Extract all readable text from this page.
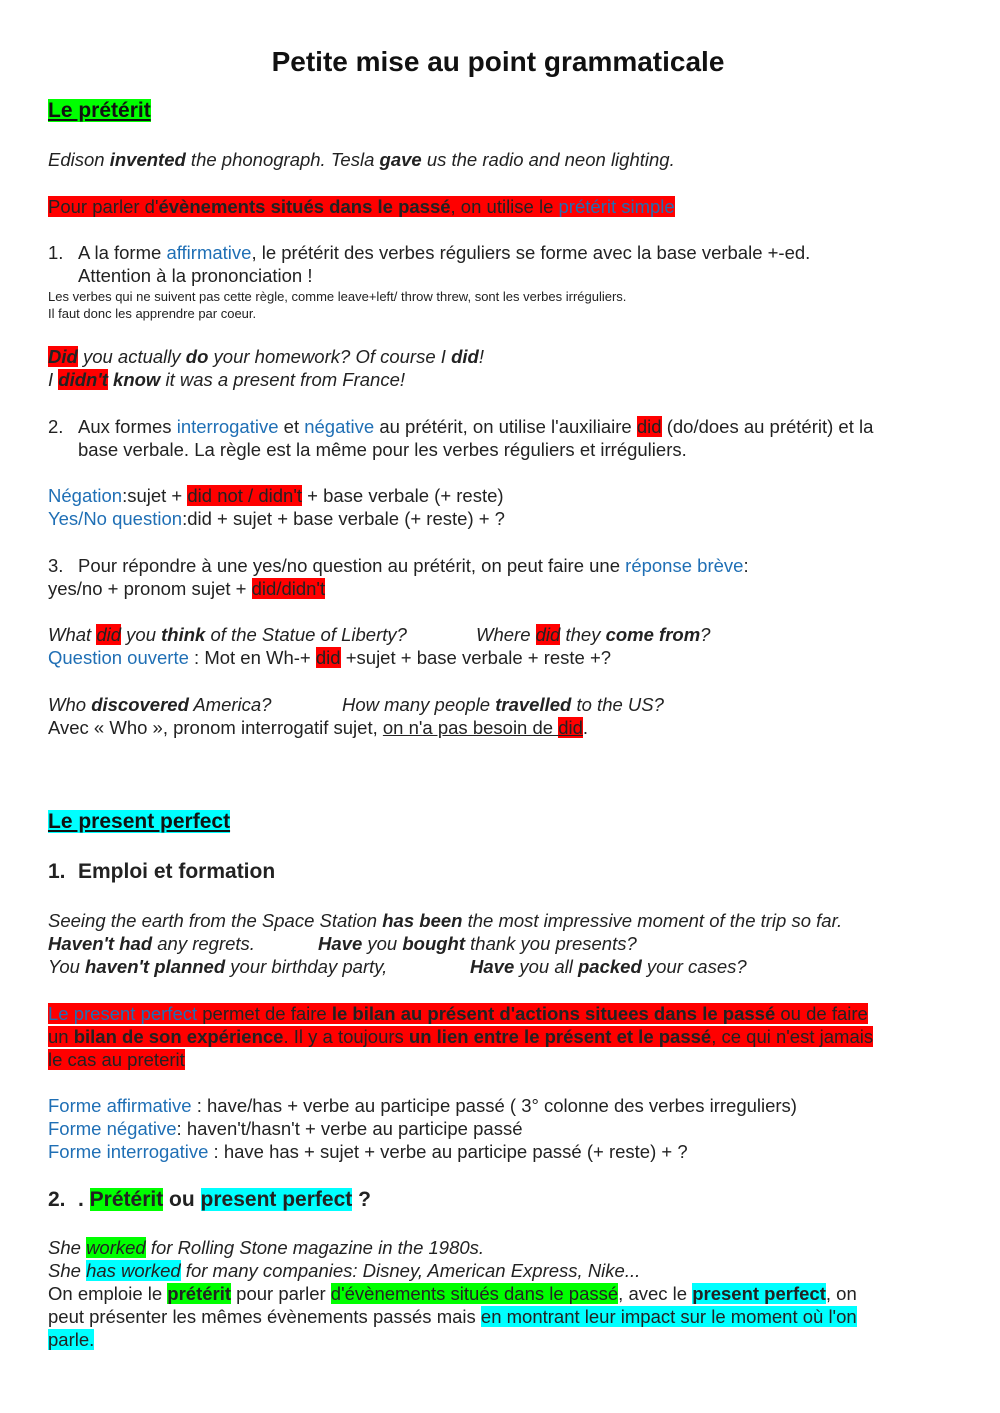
Petite mise au point grammaticale
Le prétérit
Edison invented the phonograph. Tesla gave us the radio and neon lighting.
Pour parler d'évènements situés dans le passé, on utilise le prétérit simple
1. A la forme affirmative, le prétérit des verbes réguliers se forme avec la base verbale +-ed.
Attention à la prononciation !
Les verbes qui ne suivent pas cette règle, comme leave+left/ throw threw, sont les verbes irréguliers.
Il faut donc les apprendre par coeur.
Did you actually do your homework? Of course I did!
I didn't know it was a present from France!
2. Aux formes interrogative et négative au prétérit, on utilise l'auxiliaire did (do/does au prétérit) et la
base verbale. La règle est la même pour les verbes réguliers et irréguliers.
Négation:sujet + did not / didn't + base verbale (+ reste)
Yes/No question:did + sujet + base verbale (+ reste) + ?
3. Pour répondre à une yes/no question au prétérit, on peut faire une réponse brève:
yes/no + pronom sujet + did/didn't
What did you think of the Statue of Liberty?	Where did they come from?
Question ouverte : Mot en Wh-+ did +sujet + base verbale + reste +?
Who discovered America?	How many people travelled to the US?
Avec « Who », pronom interrogatif sujet, on n'a pas besoin de did.
Le present perfect
1. Emploi et formation
Seeing the earth from the Space Station has been the most impressive moment of the trip so far.
Haven't had any regrets.	Have you bought thank you presents?
You haven't planned your birthday party,	Have you all packed your cases?
Le present perfect permet de faire le bilan au présent d'actions situees dans le passé ou de faire
un bilan de son expérience. Il y a toujours un lien entre le présent et le passé, ce qui n'est jamais
le cas au preterit
Forme affirmative : have/has + verbe au participe passé ( 3° colonne des verbes irreguliers)
Forme négative: haven't/hasn't + verbe au participe passé
Forme interrogative : have has + sujet + verbe au participe passé (+ reste) + ?
2. . Prétérit ou present perfect ?
She worked for Rolling Stone magazine in the 1980s.
She has worked for many companies: Disney, American Express, Nike...
On emploie le prétérit pour parler d'évènements situés dans le passé, avec le present perfect, on
peut présenter les mêmes évènements passés mais en montrant leur impact sur le moment où l'on
parle.
